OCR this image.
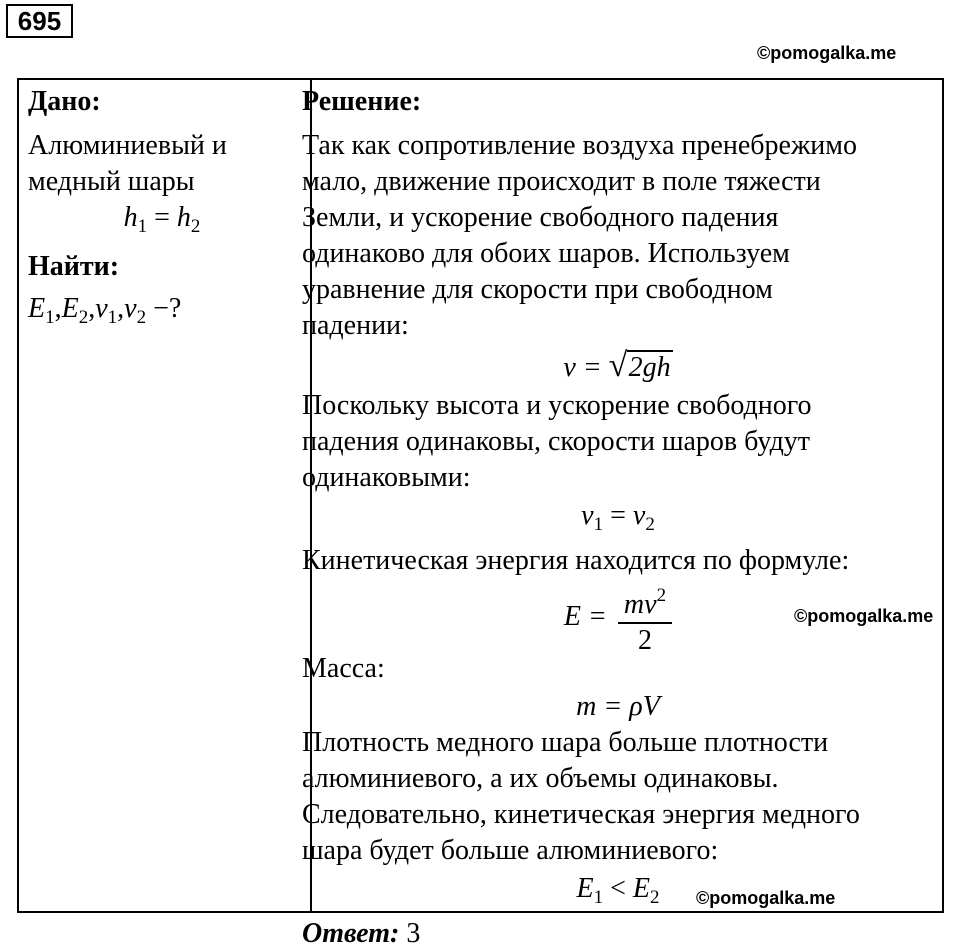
695
©pomogalka.me
Дано:
Алюминиевый и
медный шары
$h_1 = h_2$
Найти:
$E_1,E_2,v_1,v_2$ −?
Решение:
Так как сопротивление воздуха пренебрежимо
мало, движение происходит в поле тяжести
Земли, и ускорение свободного падения
одинаково для обоих шаров. Используем
уравнение для скорости при свободном
падении:
v = √ 2gh
Поскольку высота и ускорение свободного
падения одинаковы, скорости шаров будут
одинаковыми:
$v_1 = v_2$
Кинетическая энергия находится по формуле:
$E = \frac{mv^2}{2}$
Масса:
m = ρV
Плотность медного шара больше плотности
алюминиевого, а их объемы одинаковы.
Следовательно, кинетическая энергия медного
шара будет больше алюминиевого:
$E_1 < E_2$
Ответ: 3
©pomogalka.me
©pomogalka.me
